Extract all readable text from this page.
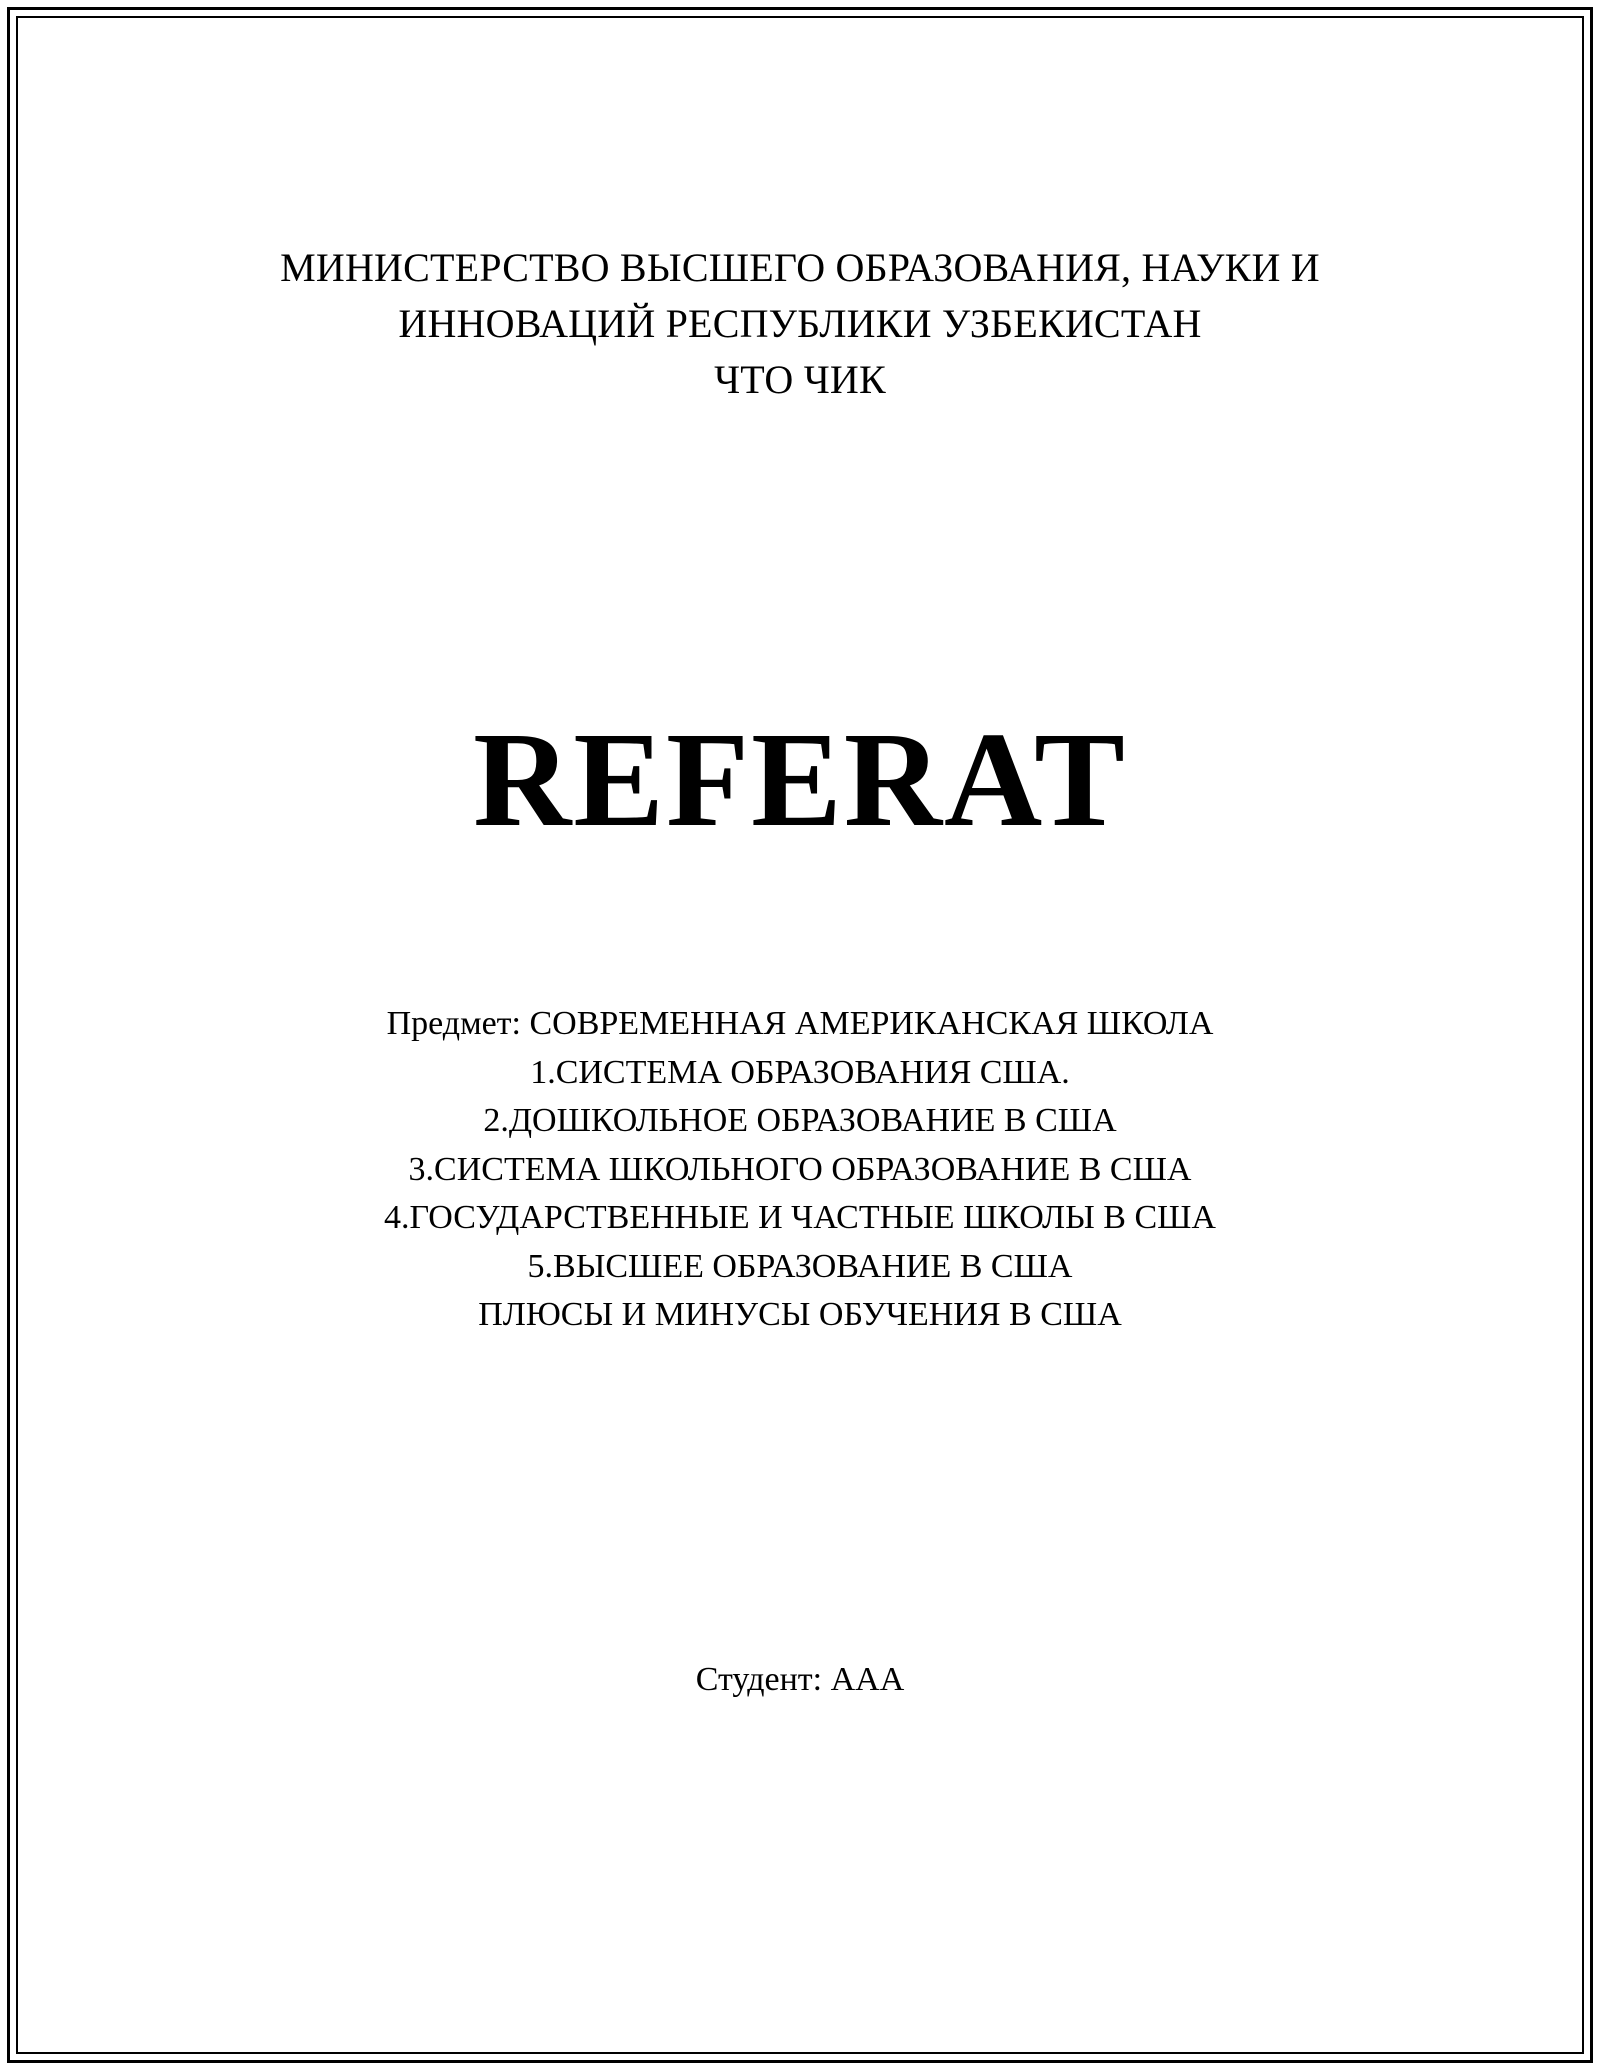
МИНИСТЕРСТВО ВЫСШЕГО ОБРАЗОВАНИЯ, НАУКИ И
ИННОВАЦИЙ РЕСПУБЛИКИ УЗБЕКИСТАН
ЧТО ЧИК
REFERAT
Предмет: СОВРЕМЕННАЯ АМЕРИКАНСКАЯ ШКОЛА
1.СИСТЕМА ОБРАЗОВАНИЯ США.
2.ДОШКОЛЬНОЕ ОБРАЗОВАНИЕ В США
3.СИСТЕМА ШКОЛЬНОГО ОБРАЗОВАНИЕ В США
4.ГОСУДАРСТВЕННЫЕ И ЧАСТНЫЕ ШКОЛЫ В США
5.ВЫСШЕЕ ОБРАЗОВАНИЕ В США
ПЛЮСЫ И МИНУСЫ ОБУЧЕНИЯ В США
Студент: ААА
